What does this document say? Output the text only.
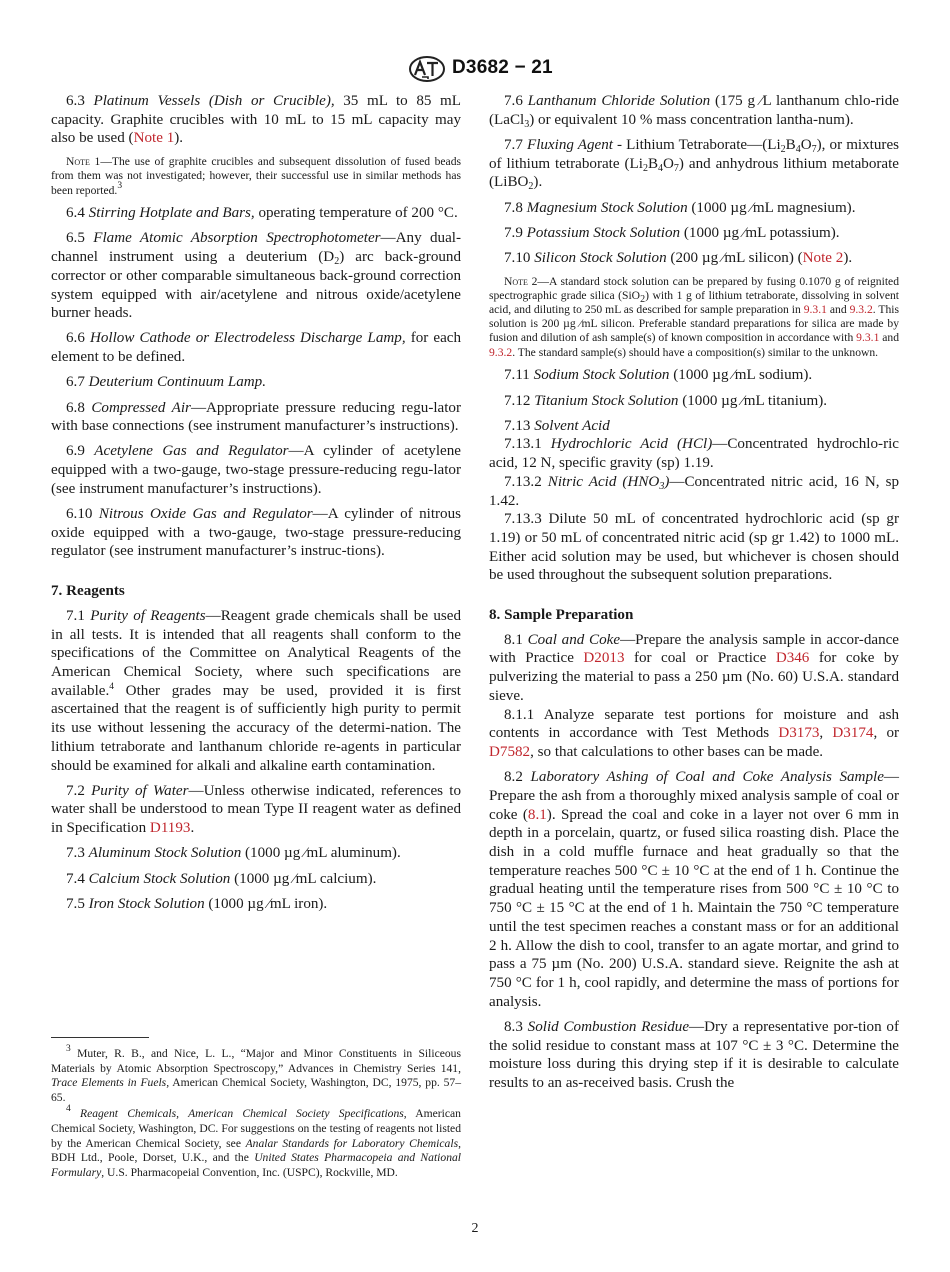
D3682 − 21

6.3 Platinum Vessels (Dish or Crucible), 35 mL to 85 mL capacity. Graphite crucibles with 10 mL to 15 mL capacity may also be used (Note 1).

Note 1—The use of graphite crucibles and subsequent dissolution of fused beads from them was not investigated; however, their successful use in similar methods has been reported.$^3$

6.4 Stirring Hotplate and Bars, operating temperature of 200 °C.

6.5 Flame Atomic Absorption Spectrophotometer—Any dual-channel instrument using a deuterium $(D_2)$ arc back-ground corrector or other comparable simultaneous back-ground correction system equipped with air/acetylene and nitrous oxide/acetylene burner heads.

6.6 Hollow Cathode or Electrodeless Discharge Lamp, for each element to be defined.

6.7 Deuterium Continuum Lamp.

6.8 Compressed Air—Appropriate pressure reducing regu-lator with base connections (see instrument manufacturer’s instructions).

6.9 Acetylene Gas and Regulator—A cylinder of acetylene equipped with a two-gauge, two-stage pressure-reducing regu-lator (see instrument manufacturer’s instructions).

6.10 Nitrous Oxide Gas and Regulator—A cylinder of nitrous oxide equipped with a two-gauge, two-stage pressure-reducing regulator (see instrument manufacturer’s instruc-tions).

7. Reagents

7.1 Purity of Reagents—Reagent grade chemicals shall be used in all tests. It is intended that all reagents shall conform to the specifications of the Committee on Analytical Reagents of the American Chemical Society, where such specifications are available.$^4$ Other grades may be used, provided it is first ascertained that the reagent is of sufficiently high purity to permit its use without lessening the accuracy of the determi-nation. The lithium tetraborate and lanthanum chloride re-agents in particular should be examined for alkali and alkaline earth contamination.

7.2 Purity of Water—Unless otherwise indicated, references to water shall be understood to mean Type II reagent water as defined in Specification D1193.

7.3 Aluminum Stock Solution (1000 µg ⁄mL aluminum).

7.4 Calcium Stock Solution (1000 µg ⁄mL calcium).

7.5 Iron Stock Solution (1000 µg ⁄mL iron).

$^3$ Muter, R. B., and Nice, L. L., “Major and Minor Constituents in Siliceous Materials by Atomic Absorption Spectroscopy,” Advances in Chemistry Series 141, Trace Elements in Fuels, American Chemical Society, Washington, DC, 1975, pp. 57–65.

$^4$ Reagent Chemicals, American Chemical Society Specifications, American Chemical Society, Washington, DC. For suggestions on the testing of reagents not listed by the American Chemical Society, see Analar Standards for Laboratory Chemicals, BDH Ltd., Poole, Dorset, U.K., and the United States Pharmacopeia and National Formulary, U.S. Pharmacopeial Convention, Inc. (USPC), Rockville, MD.

7.6 Lanthanum Chloride Solution (175 g ⁄L lanthanum chlo-ride (LaCl$_3$) or equivalent 10 % mass concentration lantha-num).

7.7 Fluxing Agent - Lithium $Tetraborate—(Li_2B_4O_7)$, or mixtures of lithium tetraborate $(Li_2B_4O_7)$ and anhydrous lithium metaborate (LiBO$_2$).

7.8 Magnesium Stock Solution (1000 µg ⁄mL magnesium).

7.9 Potassium Stock Solution (1000 µg ⁄mL potassium).

7.10 Silicon Stock Solution (200 µg ⁄mL silicon) (Note 2).

Note 2—A standard stock solution can be prepared by fusing 0.1070 g of reignited spectrographic grade silica (SiO$_2$) with 1 g of lithium tetraborate, dissolving in solvent acid, and diluting to 250 mL as described for sample preparation in 9.3.1 and 9.3.2. This solution is 200 µg ⁄mL silicon. Preferable standard preparations for silica are made by fusion and dilution of ash sample(s) of known composition in accordance with 9.3.1 and 9.3.2. The standard sample(s) should have a composition(s) similar to the unknown.

7.11 Sodium Stock Solution (1000 µg ⁄mL sodium).

7.12 Titanium Stock Solution (1000 µg ⁄mL titanium).

7.13 Solvent Acid

7.13.1 Hydrochloric Acid (HCl)—Concentrated hydrochlo-ric acid, 12 N, specific gravity (sp) 1.19.

7.13.2 Nitric Acid $(HNO_3)—Concentrated$ nitric acid, 16 N, sp 1.42.

7.13.3 Dilute 50 mL of concentrated hydrochloric acid (sp gr 1.19) or 50 mL of concentrated nitric acid (sp gr 1.42) to 1000 mL. Either acid solution may be used, but whichever is chosen should be used throughout the subsequent solution preparations.

8. Sample Preparation

8.1 Coal and Coke—Prepare the analysis sample in accor-dance with Practice D2013 for coal or Practice D346 for coke by pulverizing the material to pass a 250 µm (No. 60) U.S.A. standard sieve.

8.1.1 Analyze separate test portions for moisture and ash contents in accordance with Test Methods D3173, D3174, or D7582, so that calculations to other bases can be made.

8.2 Laboratory Ashing of Coal and Coke Analysis Sample—Prepare the ash from a thoroughly mixed analysis sample of coal or coke (8.1). Spread the coal and coke in a layer not over 6 mm in depth in a porcelain, quartz, or fused silica roasting dish. Place the dish in a cold muffle furnace and heat gradually so that the temperature reaches 500 °C ± 10 °C at the end of 1 h. Continue the gradual heating until the temperature rises from 500 °C ± 10 °C to 750 °C ± 15 °C at the end of 1 h. Maintain the 750 °C temperature until the test specimen reaches a constant mass or for an additional 2 h. Allow the dish to cool, transfer to an agate mortar, and grind to pass a 75 µm (No. 200) U.S.A. standard sieve. Reignite the ash at 750 °C for 1 h, cool rapidly, and determine the mass of portions for analysis.

8.3 Solid Combustion Residue—Dry a representative por-tion of the solid residue to constant mass at 107 °C ± 3 °C. Determine the moisture loss during this drying step if it is desirable to calculate results to an as-received basis. Crush the

2
